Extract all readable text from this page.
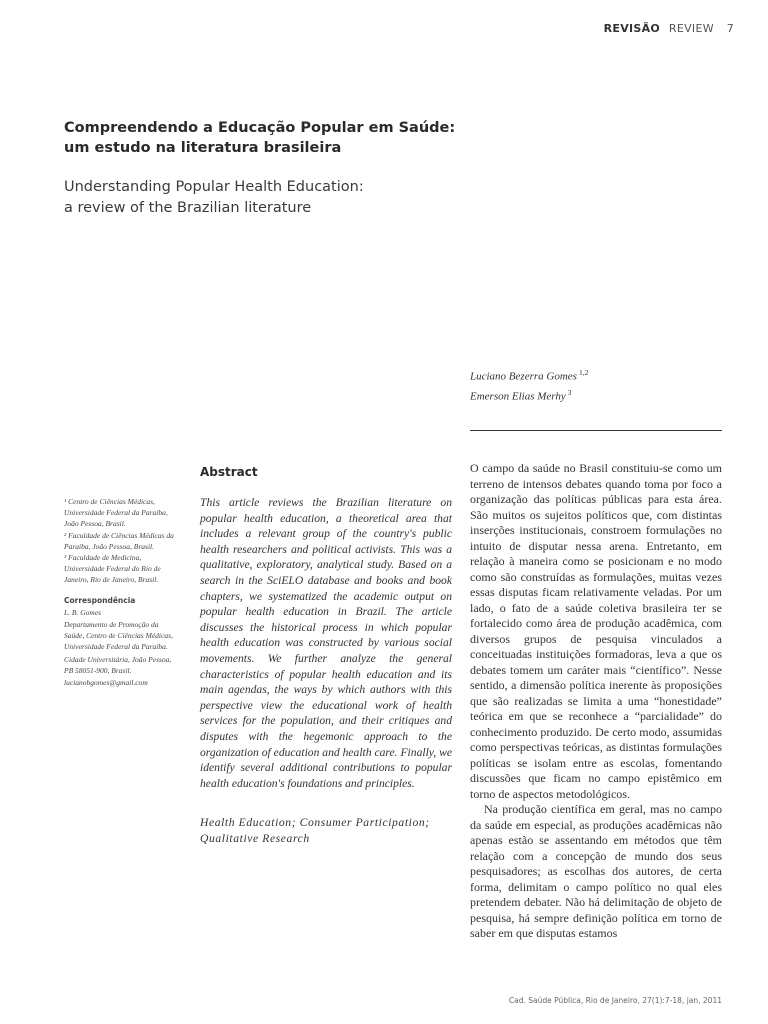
REVISÃO REVIEW 7
Compreendendo a Educação Popular em Saúde:
um estudo na literatura brasileira
Understanding Popular Health Education:
a review of the Brazilian literature
Luciano Bezerra Gomes $^{1,2}$
Emerson Elias Merhy $^3$

¹ Centro de Ciências Médicas, Universidade Federal da Paraíba, João Pessoa, Brasil.

² Faculdade de Ciências Médicas da Paraíba, João Pessoa, Brasil.

³ Faculdade de Medicina, Universidade Federal do Rio de Janeiro, Rio de Janeiro, Brasil.

Correspondência

L. B. Gomes

Departamento de Promoção da Saúde, Centro de Ciências Médicas, Universidade Federal da Paraíba.

Cidade Universitária, João Pessoa, PB 58051-900, Brasil.

lucianobgomes@gmail.com

Abstract
This article reviews the Brazilian literature on popular health education, a theoretical area that includes a relevant group of the country's public health researchers and political activists. This was a qualitative, exploratory, analytical study. Based on a search in the SciELO database and books and book chapters, we systematized the academic output on popular health education in Brazil. The article discusses the historical process in which popular health education was constructed by various social movements. We further analyze the general characteristics of popular health education and its main agendas, the ways by which authors with this perspective view the educational work of health services for the population, and their critiques and disputes with the hegemonic approach to the organization of education and health care. Finally, we identify several additional contributions to popular health education's foundations and principles.
Health Education; Consumer Participation; Qualitative Research

O campo da saúde no Brasil constituiu-se como um terreno de intensos debates quando toma por foco a organização das políticas públicas para esta área. São muitos os sujeitos políticos que, com distintas inserções institucionais, constroem formulações no intuito de disputar nessa arena. Entretanto, em relação à maneira como se posicionam e no modo como são construídas as formulações, muitas vezes essas disputas ficam relativamente veladas. Por um lado, o fato de a saúde coletiva brasileira ter se fortalecido como área de produção acadêmica, com diversos grupos de pesquisa vinculados a conceituadas instituições formadoras, leva a que os debates tomem um caráter mais “científico”. Nesse sentido, a dimensão política inerente às proposições que são realizadas se limita a uma “honestidade” teórica em que se reconhece a “parcialidade” do conhecimento produzido. De certo modo, assumidas como perspectivas teóricas, as distintas formulações políticas se isolam entre as escolas, fomentando discussões que ficam no campo epistêmico em torno de aspectos metodológicos.

Na produção científica em geral, mas no campo da saúde em especial, as produções acadêmicas não apenas estão se assentando em métodos que têm relação com a concepção de mundo dos seus pesquisadores; as escolhas dos autores, de certa forma, delimitam o campo político no qual eles pretendem debater. Não há delimitação de objeto de pesquisa, há sempre definição política em torno de saber em que disputas estamos

Cad. Saúde Pública, Rio de Janeiro, 27(1):7-18, jan, 2011
